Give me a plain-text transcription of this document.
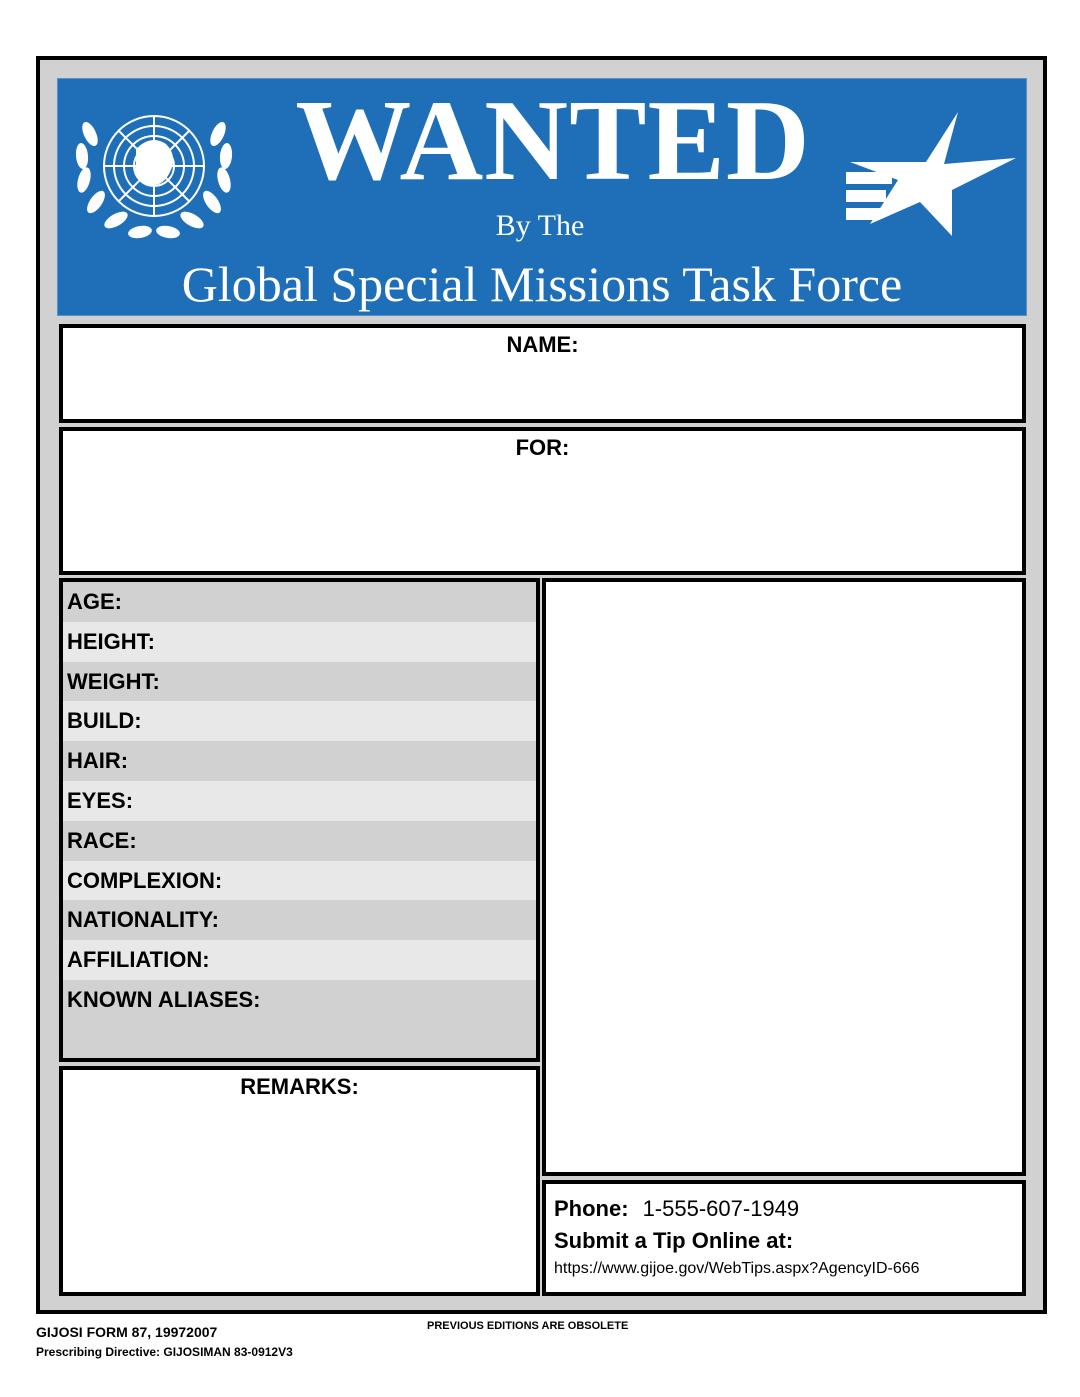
WANTED
By The
Global Special Missions Task Force
NAME:
FOR:
AGE:
HEIGHT:
WEIGHT:
BUILD:
HAIR:
EYES:
RACE:
COMPLEXION:
NATIONALITY:
AFFILIATION:
KNOWN ALIASES:
REMARKS:
Phone: 1-555-607-1949
Submit a Tip Online at:
https://www.gijoe.gov/WebTips.aspx?AgencyID-666
GIJOSI FORM 87, 19972007
Prescribing Directive: GIJOSIMAN 83-0912V3
PREVIOUS EDITIONS ARE OBSOLETE
